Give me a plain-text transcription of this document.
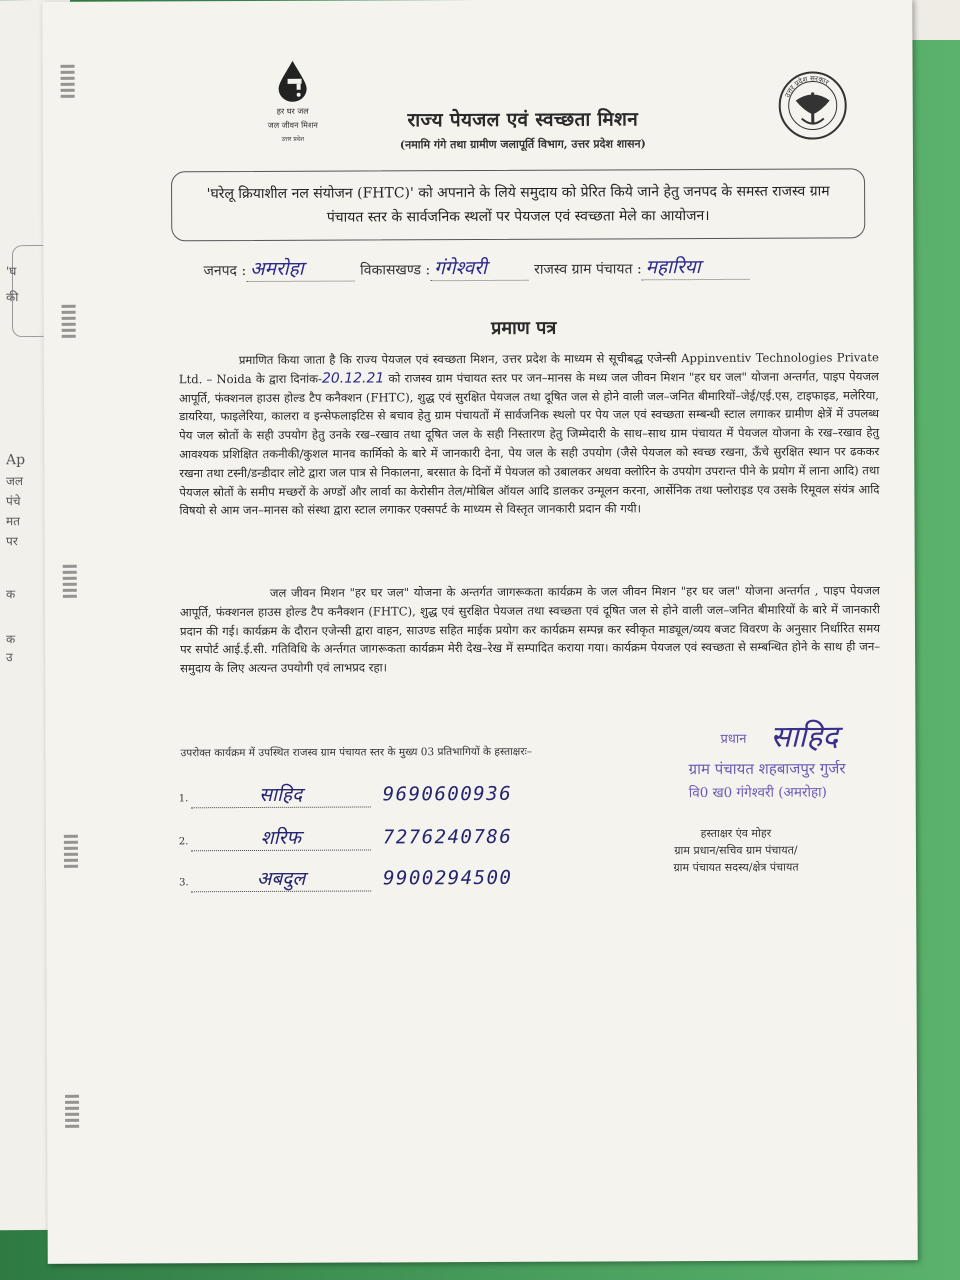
'घ
की
Ap
जल
पंचे
मत
पर
क
क
उ
हर घर जल
जल जीवन मिशन
उत्तर प्रदेश
उत्तर प्रदेश सरकार
राज्य पेयजल एवं स्वच्छता मिशन
(नमामि गंगे तथा ग्रामीण जलापूर्ति विभाग, उत्तर प्रदेश शासन)
'घरेलू क्रियाशील नल संयोजन (FHTC)' को अपनाने के लिये समुदाय को प्रेरित किये जाने हेतु जनपद के समस्त राजस्व ग्राम पंचायत स्तर के सार्वजनिक स्थलों पर पेयजल एवं स्वच्छता मेले का आयोजन।
जनपद : अमरोहा	विकासखण्ड : गंगेश्वरी	राजस्व ग्राम पंचायत : महारिया
प्रमाण पत्र
प्रमाणित किया जाता है कि राज्य पेयजल एवं स्वच्छता मिशन, उत्तर प्रदेश के माध्यम से सूचीबद्ध एजेन्सी Appinventiv Technologies Private Ltd. – Noida के द्वारा दिनांक-20.12.21 को राजस्व ग्राम पंचायत स्तर पर जन–मानस के मध्य जल जीवन मिशन "हर घर जल" योजना अन्तर्गत, पाइप पेयजल आपूर्ति, फंक्शनल हाउस होल्ड टैप कनैक्शन (FHTC), शुद्ध एवं सुरक्षित पेयजल तथा दूषित जल से होने वाली जल–जनित बीमारियों–जेई/एई.एस, टाइफाइड, मलेरिया, डायरिया, फाइलेरिया, कालरा व इन्सेफलाइटिस से बचाव हेतु ग्राम पंचायतों में सार्वजनिक स्थलो पर पेय जल एवं स्वच्छता सम्बन्धी स्टाल लगाकर ग्रामीण क्षेत्रें में उपलब्ध पेय जल स्रोतों के सही उपयोग हेतु उनके रख–रखाव तथा दूषित जल के सही निस्तारण हेतु जिम्मेदारी के साथ–साथ ग्राम पंचायत में पेयजल योजना के रख–रखाव हेतु आवश्यक प्रशिक्षित तकनीकी/कुशल मानव कार्मिको के बारे में जानकारी देना, पेय जल के सही उपयोग (जैसे पेयजल को स्वच्छ रखना, ऊँचे सुरक्षित स्थान पर ढककर रखना तथा टस्नी/डन्डीदार लोटे द्वारा जल पात्र से निकालना, बरसात के दिनों में पेयजल को उबालकर अथवा क्लोरिन के उपयोग उपरान्त पीने के प्रयोग में लाना आदि) तथा पेयजल स्रोतों के समीप मच्छरों के अण्डों और लार्वा का केरोसीन तेल/मोबिल ऑयल आदि डालकर उन्मूलन करना, आर्सेनिक तथा फ्लोराइड एव उसके रिमूवल संयंत्र आदि विषयो से आम जन–मानस को संस्था द्वारा स्टाल लगाकर एक्सपर्ट के माध्यम से विस्तृत जानकारी प्रदान की गयी।
जल जीवन मिशन "हर घर जल" योजना के अन्तर्गत जागरूकता कार्यक्रम के जल जीवन मिशन "हर घर जल" योजना अन्तर्गत , पाइप पेयजल आपूर्ति, फंक्शनल हाउस होल्ड टैप कनैक्शन (FHTC), शुद्ध एवं सुरक्षित पेयजल तथा स्वच्छता एवं दूषित जल से होने वाली जल–जनित बीमारियों के बारे में जानकारी प्रदान की गई। कार्यक्रम के दौरान एजेन्सी द्वारा वाहन, साउण्ड सहित माईक प्रयोग कर कार्यक्रम सम्पन्न कर स्वीकृत माड्यूल/व्यय बजट विवरण के अनुसार निर्धारित समय पर सपोर्ट आई.ई.सी. गतिविधि के अर्न्तगत जागरूकता कार्यक्रम मेरी देख–रेख में सम्पादित कराया गया। कार्यक्रम पेयजल एवं स्वच्छता से सम्बन्धित होने के साथ ही जन–समुदाय के लिए अत्यन्त उपयोगी एवं लाभप्रद रहा।
उपरोक्त कार्यक्रम में उपस्थित राजस्व ग्राम पंचायत स्तर के मुख्य 03 प्रतिभागियों के हस्ताक्षरः–
1.	साहिद	9690600936
2.	शरिफ	7276240786
3.	अबदुल	9900294500
प्रधान साहिद
ग्राम पंचायत शहबाजपुर गुर्जर
वि0 ख0 गंगेश्वरी (अमरोहा)
हस्ताक्षर एंव मोहर
ग्राम प्रधान/सचिव ग्राम पंचायत/
ग्राम पंचायत सदस्य/क्षेत्र पंचायत
